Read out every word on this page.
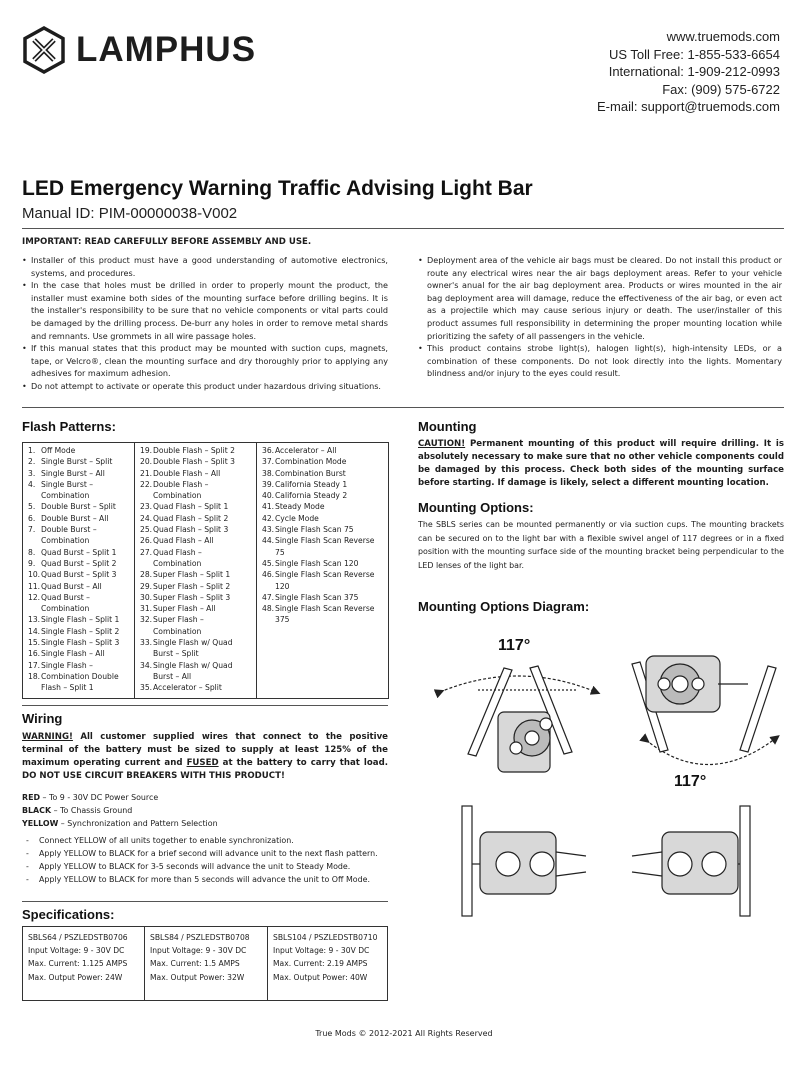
LAMPHUS	www.truemods.com
US Toll Free: 1-855-533-6654
International: 1-909-212-0993
Fax: (909) 575-6722
E-mail: support@truemods.com
LED Emergency Warning Traffic Advising Light Bar
Manual ID: PIM-00000038-V002
IMPORTANT: READ CAREFULLY BEFORE ASSEMBLY AND USE.
• Installer of this product must have a good understanding of automotive electronics, systems, and procedures.
• In the case that holes must be drilled in order to properly mount the product, the installer must examine both sides of the mounting surface before drilling begins. It is the installer's responsibility to be sure that no vehicle components or vital parts could be damaged by the drilling process. De-burr any holes in order to remove metal shards and remnants. Use grommets in all wire passage holes.
• If this manual states that this product may be mounted with suction cups, magnets, tape, or Velcro®, clean the mounting surface and dry thoroughly prior to applying any adhesives for maximum adhesion.
• Do not attempt to activate or operate this product under hazardous driving situations.
• Deployment area of the vehicle air bags must be cleared. Do not install this product or route any electrical wires near the air bags deployment areas. Refer to your vehicle owner's anual for the air bag deployment area. Products or wires mounted in the air bag deployment area will damage, reduce the effectiveness of the air bag, or even act as a projectile which may cause serious injury or death. The user/installer of this product assumes full responsibility in determining the proper mounting location while prioritizing the safety of all passengers in the vehicle.
• This product contains strobe light(s), halogen light(s), high-intensity LEDs, or a combination of these components. Do not look directly into the lights. Momentary blindness and/or injury to the eyes could result.
Flash Patterns:
1. Off Mode
2. Single Burst – Split
3. Single Burst – All
4. Single Burst – Combination
5. Double Burst – Split
6. Double Burst – All
7. Double Burst – Combination
8. Quad Burst – Split 1
9. Quad Burst – Split 2
10. Quad Burst – Split 3
11. Quad Burst – All
12. Quad Burst – Combination
13. Single Flash – Split 1
14. Single Flash – Split 2
15. Single Flash – Split 3
16. Single Flash – All
17. Single Flash –
18. Combination Double Flash – Split 1

19. Double Flash – Split 2
20. Double Flash – Split 3
21. Double Flash – All
22. Double Flash – Combination
23. Quad Flash – Split 1
24. Quad Flash – Split 2
25. Quad Flash – Split 3
26. Quad Flash – All
27. Quad Flash – Combination
28. Super Flash – Split 1
29. Super Flash – Split 2
30. Super Flash – Split 3
31. Super Flash – All
32. Super Flash – Combination
33. Single Flash w/ Quad Burst – Split
34. Single Flash w/ Quad Burst – All
35. Accelerator – Split

36. Accelerator – All
37. Combination Mode
38. Combination Burst
39. California Steady 1
40. California Steady 2
41. Steady Mode
42. Cycle Mode
43. Single Flash Scan 75
44. Single Flash Scan Reverse 75
45. Single Flash Scan 120
46. Single Flash Scan Reverse 120
47. Single Flash Scan 375
48. Single Flash Scan Reverse 375
Wiring
WARNING! All customer supplied wires that connect to the positive terminal of the battery must be sized to supply at least 125% of the maximum operating current and FUSED at the battery to carry that load. DO NOT USE CIRCUIT BREAKERS WITH THIS PRODUCT!
RED – To 9 - 30V DC Power Source
BLACK – To Chassis Ground
YELLOW – Synchronization and Pattern Selection
- Connect YELLOW of all units together to enable synchronization.
- Apply YELLOW to BLACK for a brief second will advance unit to the next flash pattern.
- Apply YELLOW to BLACK for 3-5 seconds will advance the unit to Steady Mode.
- Apply YELLOW to BLACK for more than 5 seconds will advance the unit to Off Mode.
Specifications:
SBLS64 / PSZLEDSTB0706
Input Voltage: 9 - 30V DC
Max. Current: 1.125 AMPS
Max. Output Power: 24W

SBLS84 / PSZLEDSTB0708
Input Voltage: 9 - 30V DC
Max. Current: 1.5 AMPS
Max. Output Power: 32W

SBLS104 / PSZLEDSTB0710
Input Voltage: 9 - 30V DC
Max. Current: 2.19 AMPS
Max. Output Power: 40W
Mounting
CAUTION! Permanent mounting of this product will require drilling. It is absolutely necessary to make sure that no other vehicle components could be damaged by this process. Check both sides of the mounting surface before starting. If damage is likely, select a different mounting location.
Mounting Options:
The SBLS series can be mounted permanently or via suction cups. The mounting brackets can be secured on to the light bar with a flexible swivel angel of 117 degrees or in a fixed position with the mounting surface side of the mounting bracket being perpendicular to the LED lenses of the light bar.
Mounting Options Diagram:
117°
117°
True Mods © 2012-2021 All Rights Reserved
